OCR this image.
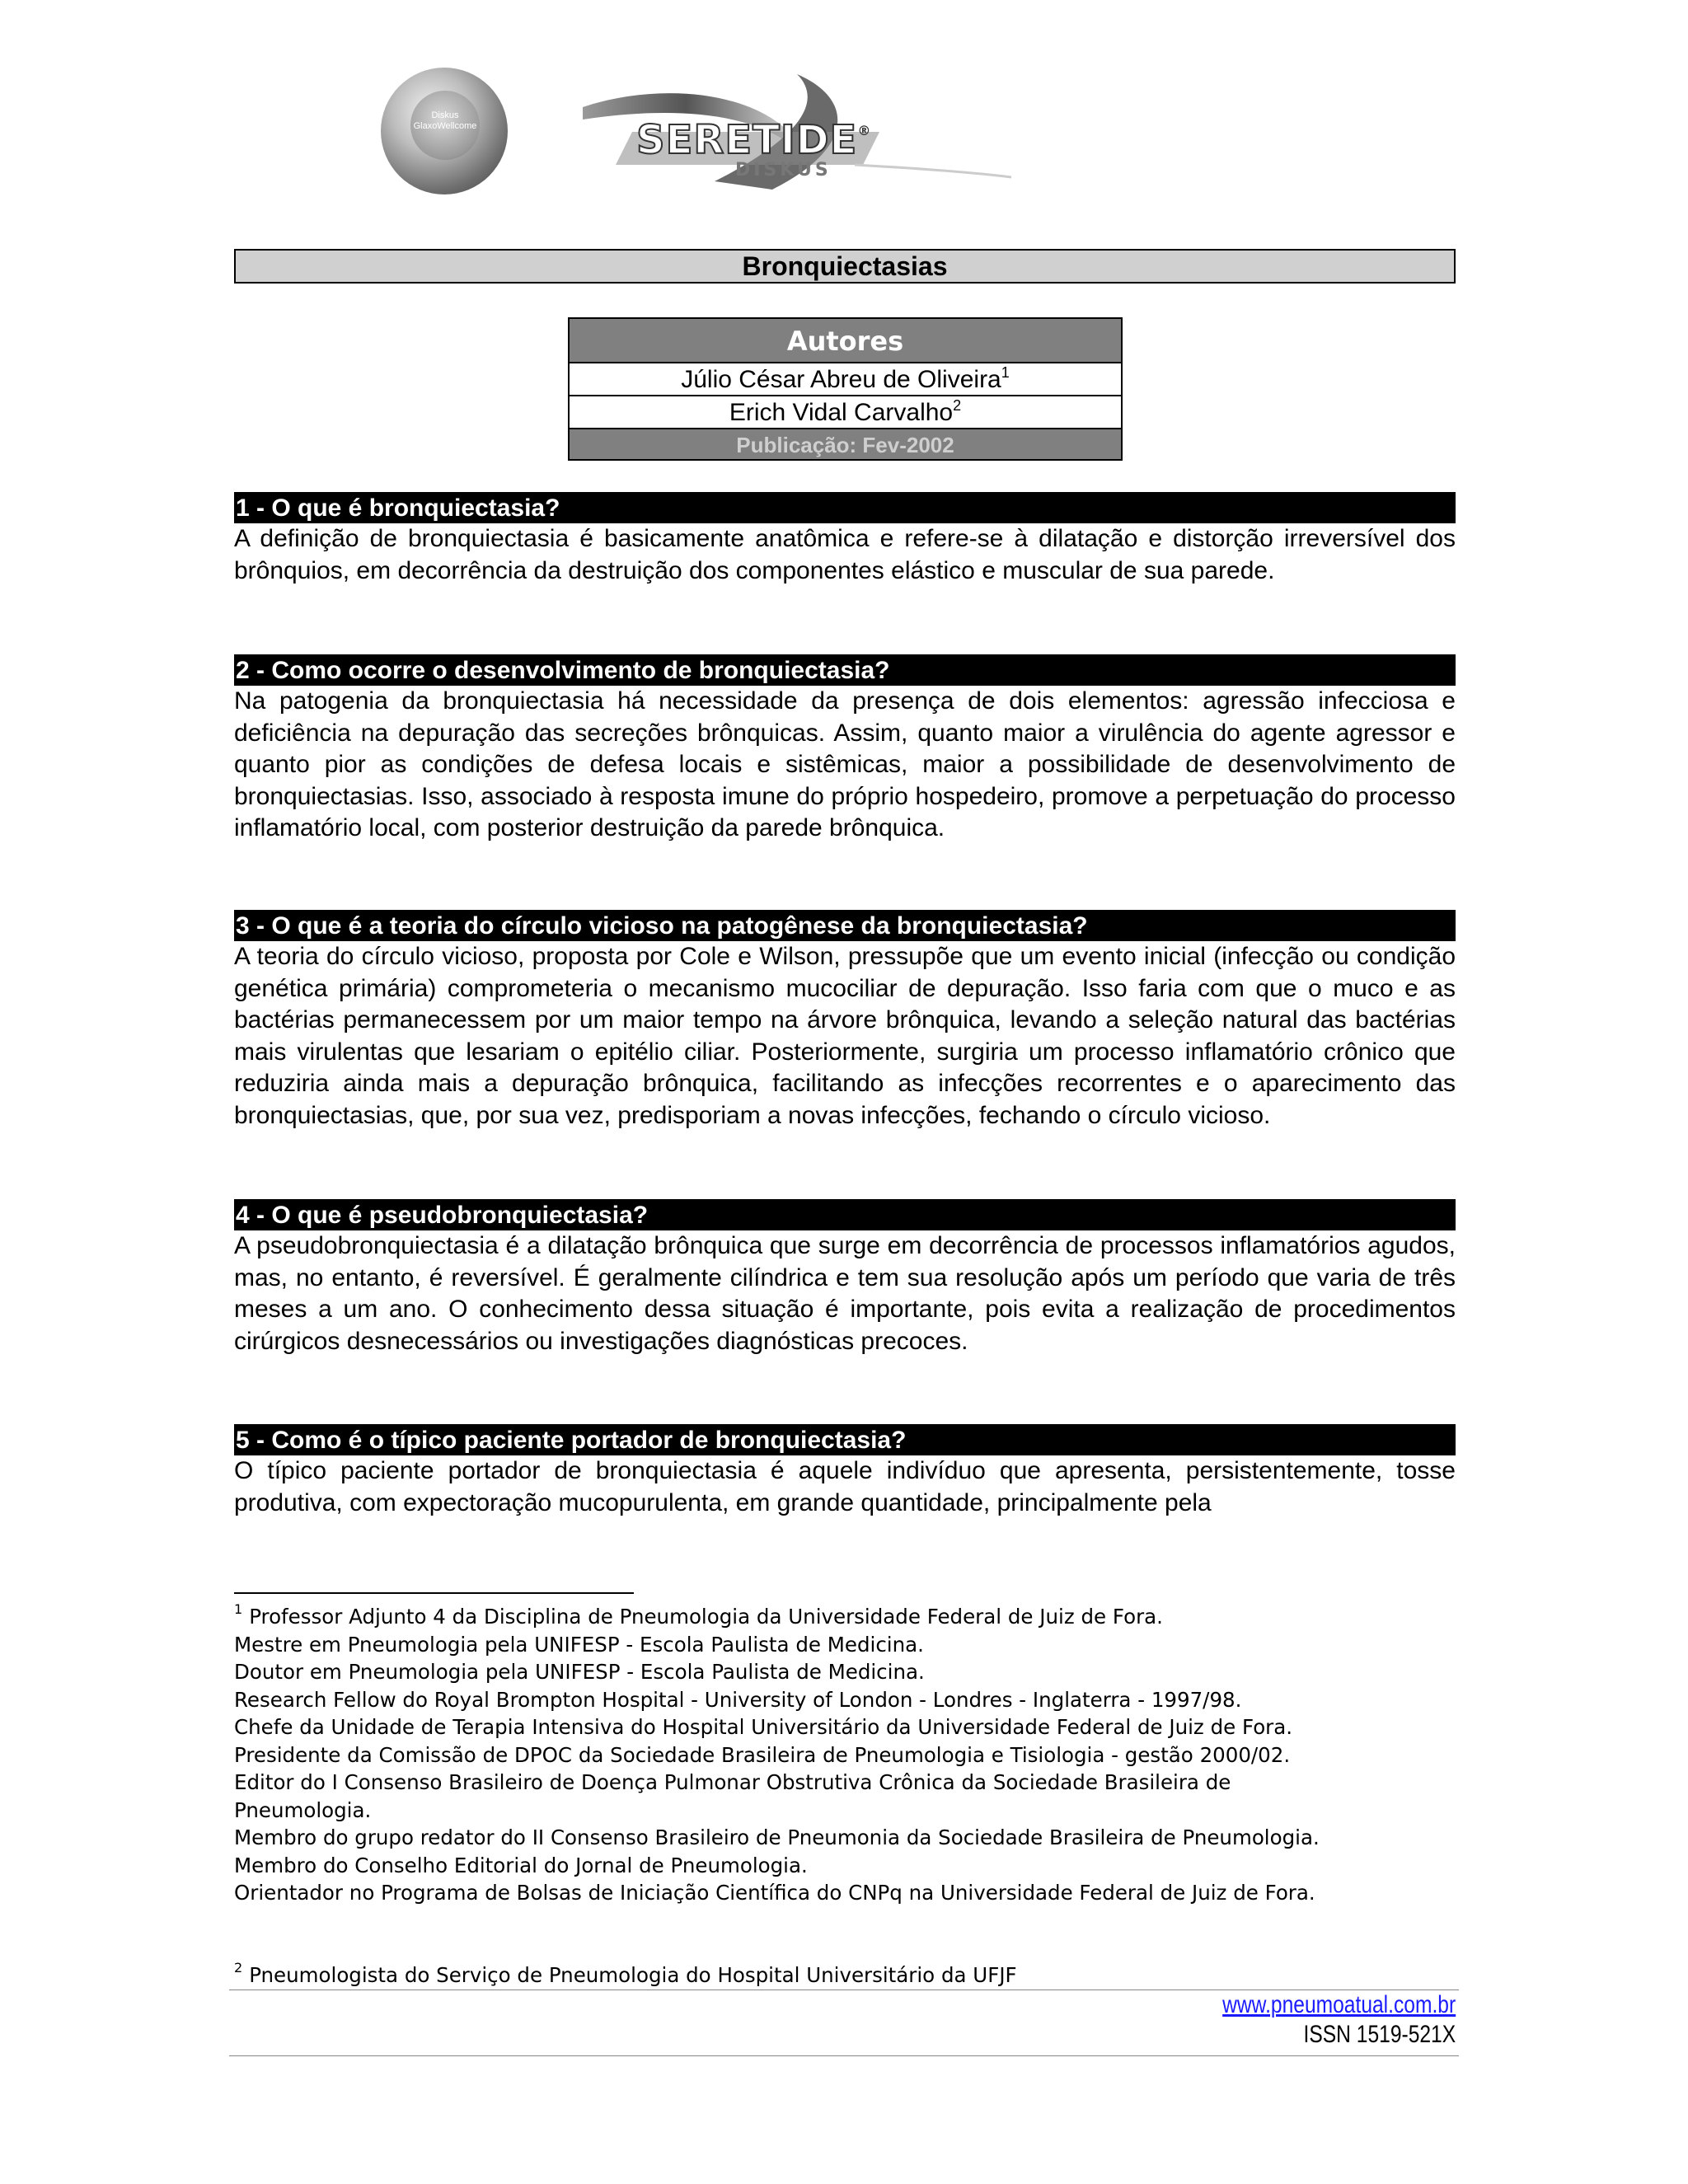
Diskus GlaxoWellcome	SERETIDE®
DISKUS
Bronquiectasias
Autores
Júlio César Abreu de Oliveira$^1$
Erich Vidal Carvalho$^2$
Publicação: Fev-2002
1 - O que é bronquiectasia?

A definição de bronquiectasia é basicamente anatômica e refere-se à dilatação e distorção irreversível dos brônquios, em decorrência da destruição dos componentes elástico e muscular de sua parede.

2 - Como ocorre o desenvolvimento de bronquiectasia?

Na patogenia da bronquiectasia há necessidade da presença de dois elementos: agressão infecciosa e deficiência na depuração das secreções brônquicas. Assim, quanto maior a virulência do agente agressor e quanto pior as condições de defesa locais e sistêmicas, maior a possibilidade de desenvolvimento de bronquiectasias. Isso, associado à resposta imune do próprio hospedeiro, promove a perpetuação do processo inflamatório local, com posterior destruição da parede brônquica.

3 - O que é a teoria do círculo vicioso na patogênese da bronquiectasia?

A teoria do círculo vicioso, proposta por Cole e Wilson, pressupõe que um evento inicial (infecção ou condição genética primária) comprometeria o mecanismo mucociliar de depuração. Isso faria com que o muco e as bactérias permanecessem por um maior tempo na árvore brônquica, levando a seleção natural das bactérias mais virulentas que lesariam o epitélio ciliar. Posteriormente, surgiria um processo inflamatório crônico que reduziria ainda mais a depuração brônquica, facilitando as infecções recorrentes e o aparecimento das bronquiectasias, que, por sua vez, predisporiam a novas infecções, fechando o círculo vicioso.

4 - O que é pseudobronquiectasia?

A pseudobronquiectasia é a dilatação brônquica que surge em decorrência de processos inflamatórios agudos, mas, no entanto, é reversível. É geralmente cilíndrica e tem sua resolução após um período que varia de três meses a um ano. O conhecimento dessa situação é importante, pois evita a realização de procedimentos cirúrgicos desnecessários ou investigações diagnósticas precoces.

5 - Como é o típico paciente portador de bronquiectasia?

O típico paciente portador de bronquiectasia é aquele indivíduo que apresenta, persistentemente, tosse produtiva, com expectoração mucopurulenta, em grande quantidade, principalmente pela

$^1$ Professor Adjunto 4 da Disciplina de Pneumologia da Universidade Federal de Juiz de Fora.

Mestre em Pneumologia pela UNIFESP - Escola Paulista de Medicina.

Doutor em Pneumologia pela UNIFESP - Escola Paulista de Medicina.

Research Fellow do Royal Brompton Hospital - University of London - Londres - Inglaterra - 1997/98.

Chefe da Unidade de Terapia Intensiva do Hospital Universitário da Universidade Federal de Juiz de Fora.

Presidente da Comissão de DPOC da Sociedade Brasileira de Pneumologia e Tisiologia - gestão 2000/02.

Editor do I Consenso Brasileiro de Doença Pulmonar Obstrutiva Crônica da Sociedade Brasileira de

Pneumologia.

Membro do grupo redator do II Consenso Brasileiro de Pneumonia da Sociedade Brasileira de Pneumologia.

Membro do Conselho Editorial do Jornal de Pneumologia.

Orientador no Programa de Bolsas de Iniciação Científica do CNPq na Universidade Federal de Juiz de Fora.

$^2$ Pneumologista do Serviço de Pneumologia do Hospital Universitário da UFJF
www.pneumoatual.com.br
ISSN 1519-521X
